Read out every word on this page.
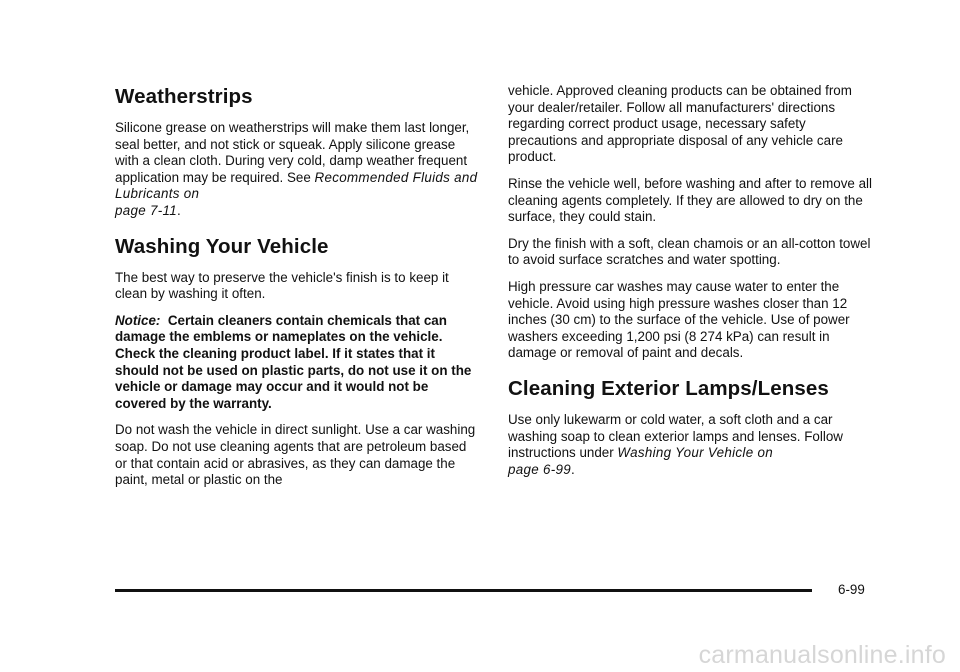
Weatherstrips

Silicone grease on weatherstrips will make them last longer, seal better, and not stick or squeak. Apply silicone grease with a clean cloth. During very cold, damp weather frequent application may be required. See Recommended Fluids and Lubricants on
page 7‑11.

Washing Your Vehicle

The best way to preserve the vehicle's finish is to keep it clean by washing it often.

Notice: Certain cleaners contain chemicals that can damage the emblems or nameplates on the vehicle. Check the cleaning product label. If it states that it should not be used on plastic parts, do not use it on the vehicle or damage may occur and it would not be covered by the warranty.

Do not wash the vehicle in direct sunlight. Use a car washing soap. Do not use cleaning agents that are petroleum based or that contain acid or abrasives, as they can damage the paint, metal or plastic on the

vehicle. Approved cleaning products can be obtained from your dealer/retailer. Follow all manufacturers' directions regarding correct product usage, necessary safety precautions and appropriate disposal of any vehicle care product.

Rinse the vehicle well, before washing and after to remove all cleaning agents completely. If they are allowed to dry on the surface, they could stain.

Dry the finish with a soft, clean chamois or an all-cotton towel to avoid surface scratches and water spotting.

High pressure car washes may cause water to enter the vehicle. Avoid using high pressure washes closer than 12 inches (30 cm) to the surface of the vehicle. Use of power washers exceeding 1,200 psi (8 274 kPa) can result in damage or removal of paint and decals.

Cleaning Exterior Lamps/Lenses

Use only lukewarm or cold water, a soft cloth and a car washing soap to clean exterior lamps and lenses. Follow instructions under Washing Your Vehicle on
page 6‑99.

6-99
carmanualsonline.info
